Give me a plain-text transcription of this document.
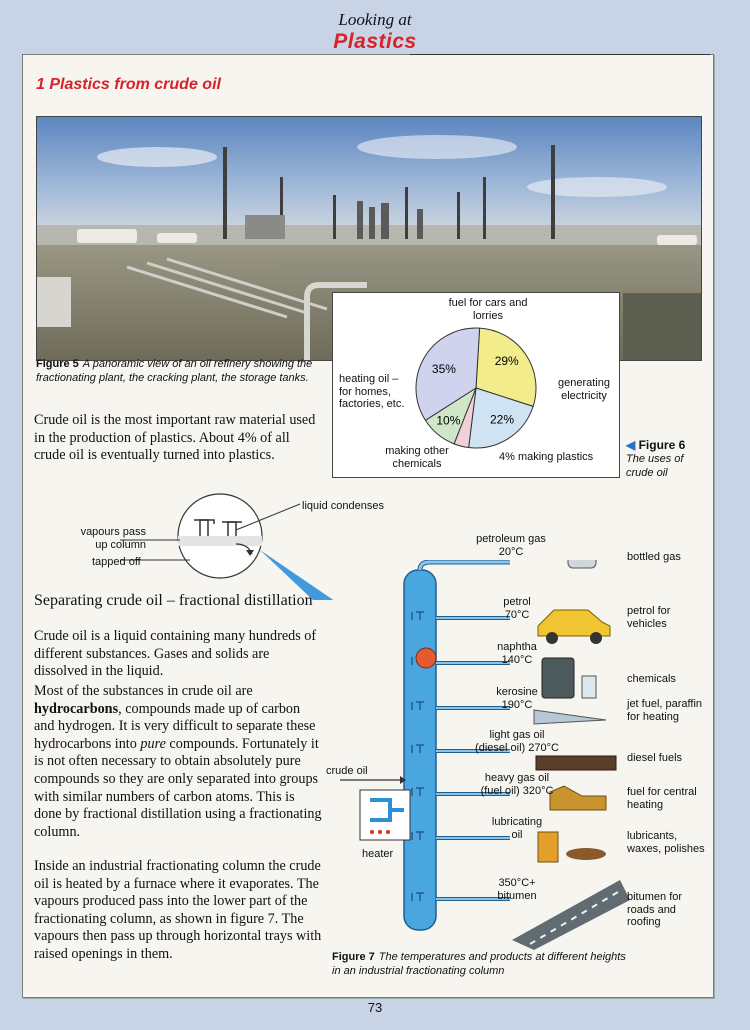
Looking at
Plastics
1 Plastics from crude oil
Figure 5 A panoramic view of an oil refinery showing the fractionating plant, the cracking plant, the storage tanks.
Crude oil is the most important raw material used in the production of plastics. About 4% of all crude oil is eventually turned into plastics.
29%
22%
10%
35%
fuel for cars and lorries
heating oil – for homes, factories, etc.
generating electricity
making other chemicals
4% making plastics
◀ Figure 6
The uses of crude oil
liquid condenses
vapours pass up column
tapped off
Separating crude oil – fractional distillation
Crude oil is a liquid containing many hundreds of different substances. Gases and solids are dissolved in the liquid.
Most of the substances in crude oil are hydrocarbons, compounds made up of carbon and hydrogen. It is very difficult to separate these hydrocarbons into pure compounds. Fortunately it is not often necessary to obtain absolutely pure compounds so they are only separated into groups with similar numbers of carbon atoms. This is done by fractional distillation using a fractionating column.
Inside an industrial fractionating column the crude oil is heated by a furnace where it evaporates. The vapours produced pass into the lower part of the fractionating column, as shown in figure 7. The vapours then pass up through horizontal trays with raised openings in them.
petroleum gas
20°C	bottled gas
petrol
70°C	petrol for vehicles
naphtha
140°C
chemicals
kerosine
190°C	jet fuel, paraffin for heating
light gas oil
(diesel oil) 270°C
diesel fuels
heavy gas oil
(fuel oil) 320°C	fuel for central heating
lubricating
oil	lubricants, waxes, polishes
350°C+
bitumen	bitumen for roads and roofing
crude oil
heater
Figure 7 The temperatures and products at different heights in an industrial fractionating column
73
